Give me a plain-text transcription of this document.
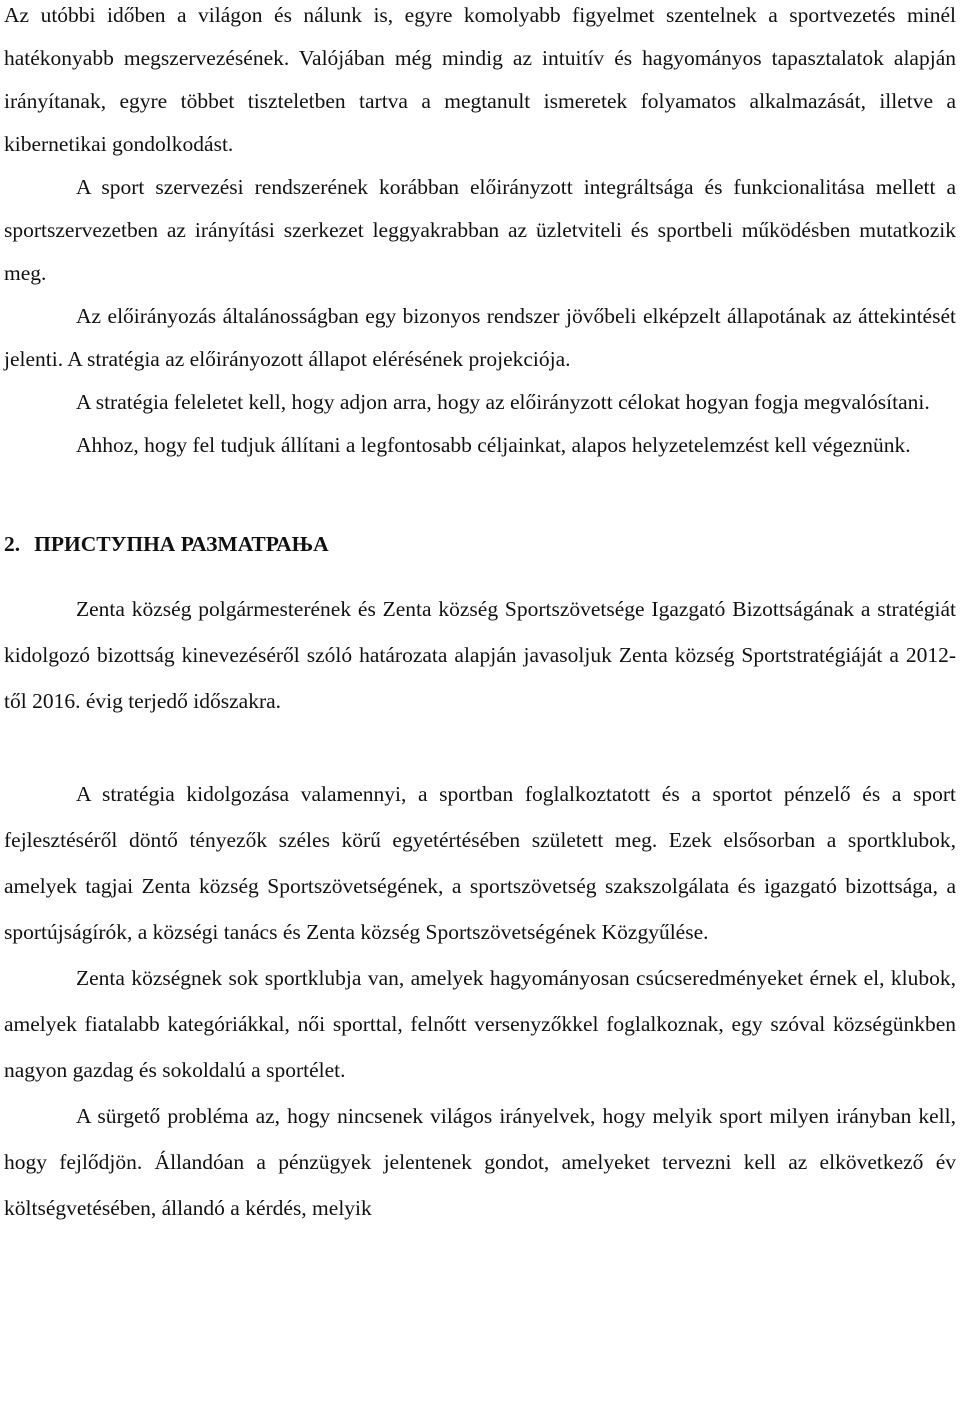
Az utóbbi időben a világon és nálunk is, egyre komolyabb figyelmet szentelnek a sportvezetés minél hatékonyabb megszervezésének. Valójában még mindig az intuitív és hagyományos tapasztalatok alapján irányítanak, egyre többet tiszteletben tartva a megtanult ismeretek folyamatos alkalmazását, illetve a kibernetikai gondolkodást.

A sport szervezési rendszerének korábban előirányzott integráltsága és funkcionalitása mellett a sportszervezetben az irányítási szerkezet leggyakrabban az üzletviteli és sportbeli működésben mutatkozik meg.

Az előirányozás általánosságban egy bizonyos rendszer jövőbeli elképzelt állapotának az áttekintését jelenti. A stratégia az előirányozott állapot elérésének projekciója.

A stratégia feleletet kell, hogy adjon arra, hogy az előirányzott célokat hogyan fogja megvalósítani.

Ahhoz, hogy fel tudjuk állítani a legfontosabb céljainkat, alapos helyzetelemzést kell végeznünk.

2. ПРИСТУПНА РАЗМАТРАЊА

Zenta község polgármesterének és Zenta község Sportszövetsége Igazgató Bizottságának a stratégiát kidolgozó bizottság kinevezéséről szóló határozata alapján javasoljuk Zenta község Sportstratégiáját a 2012-től 2016. évig terjedő időszakra.

A stratégia kidolgozása valamennyi, a sportban foglalkoztatott és a sportot pénzelő és a sport fejlesztéséről döntő tényezők széles körű egyetértésében született meg. Ezek elsősorban a sportklubok, amelyek tagjai Zenta község Sportszövetségének, a sportszövetség szakszolgálata és igazgató bizottsága, a sportújságírók, a községi tanács és Zenta község Sportszövetségének Közgyűlése.

Zenta községnek sok sportklubja van, amelyek hagyományosan csúcseredményeket érnek el, klubok, amelyek fiatalabb kategóriákkal, női sporttal, felnőtt versenyzőkkel foglalkoznak, egy szóval községünkben nagyon gazdag és sokoldalú a sportélet.

A sürgető probléma az, hogy nincsenek világos irányelvek, hogy melyik sport milyen irányban kell, hogy fejlődjön. Állandóan a pénzügyek jelentenek gondot, amelyeket tervezni kell az elkövetkező év költségvetésében, állandó a kérdés, melyik
